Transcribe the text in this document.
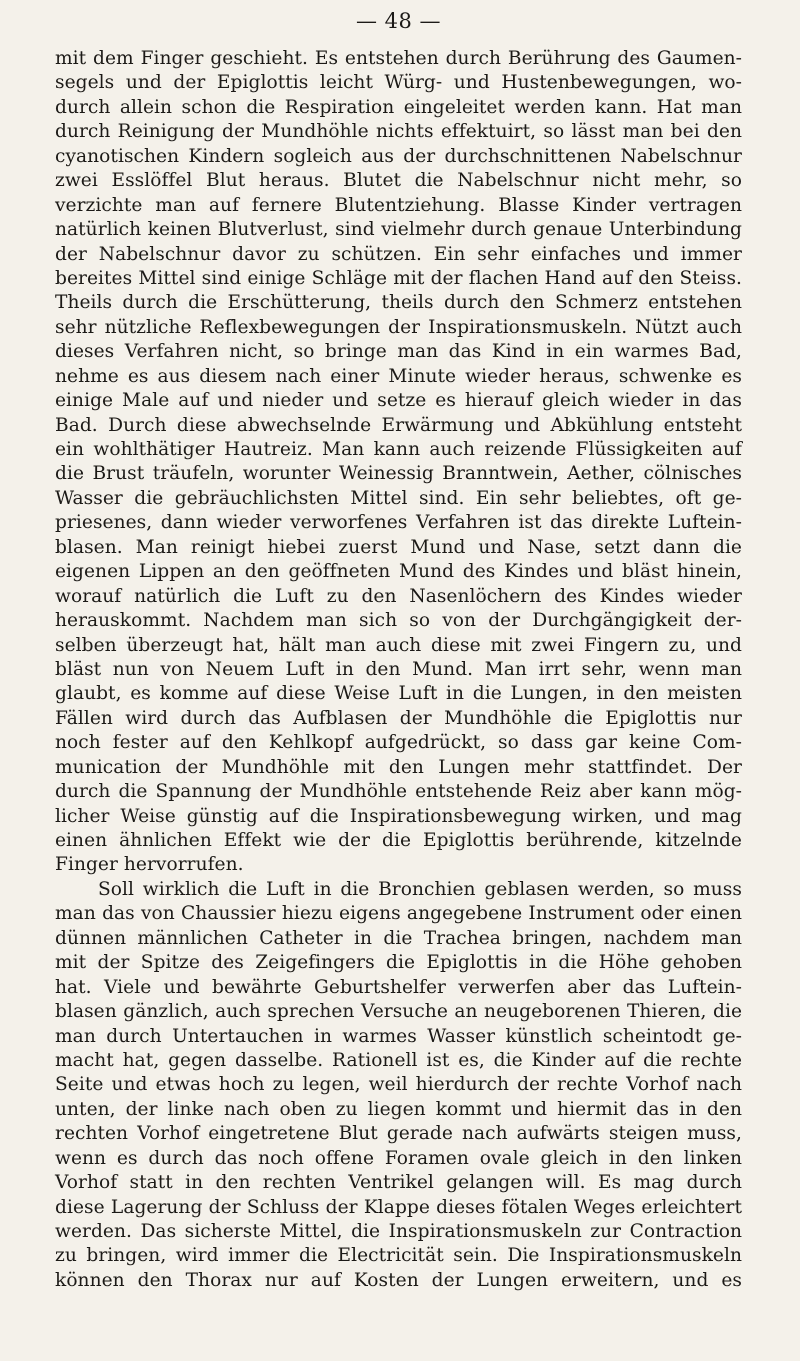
— 48 —
mit dem Finger geschieht. Es entstehen durch Berührung des Gaumen-
segels und der Epiglottis leicht Würg- und Hustenbewegungen, wo-
durch allein schon die Respiration eingeleitet werden kann. Hat man
durch Reinigung der Mundhöhle nichts effektuirt, so lässt man bei den
cyanotischen Kindern sogleich aus der durchschnittenen Nabelschnur
zwei Esslöffel Blut heraus. Blutet die Nabelschnur nicht mehr, so
verzichte man auf fernere Blutentziehung. Blasse Kinder vertragen
natürlich keinen Blutverlust, sind vielmehr durch genaue Unterbindung
der Nabelschnur davor zu schützen. Ein sehr einfaches und immer
bereites Mittel sind einige Schläge mit der flachen Hand auf den Steiss.
Theils durch die Erschütterung, theils durch den Schmerz entstehen
sehr nützliche Reflexbewegungen der Inspirationsmuskeln. Nützt auch
dieses Verfahren nicht, so bringe man das Kind in ein warmes Bad,
nehme es aus diesem nach einer Minute wieder heraus, schwenke es
einige Male auf und nieder und setze es hierauf gleich wieder in das
Bad. Durch diese abwechselnde Erwärmung und Abkühlung entsteht
ein wohlthätiger Hautreiz. Man kann auch reizende Flüssigkeiten auf
die Brust träufeln, worunter Weinessig Branntwein, Aether, cölnisches
Wasser die gebräuchlichsten Mittel sind. Ein sehr beliebtes, oft ge-
priesenes, dann wieder verworfenes Verfahren ist das direkte Luftein-
blasen. Man reinigt hiebei zuerst Mund und Nase, setzt dann die
eigenen Lippen an den geöffneten Mund des Kindes und bläst hinein,
worauf natürlich die Luft zu den Nasenlöchern des Kindes wieder
herauskommt. Nachdem man sich so von der Durchgängigkeit der-
selben überzeugt hat, hält man auch diese mit zwei Fingern zu, und
bläst nun von Neuem Luft in den Mund. Man irrt sehr, wenn man
glaubt, es komme auf diese Weise Luft in die Lungen, in den meisten
Fällen wird durch das Aufblasen der Mundhöhle die Epiglottis nur
noch fester auf den Kehlkopf aufgedrückt, so dass gar keine Com-
munication der Mundhöhle mit den Lungen mehr stattfindet. Der
durch die Spannung der Mundhöhle entstehende Reiz aber kann mög-
licher Weise günstig auf die Inspirationsbewegung wirken, und mag
einen ähnlichen Effekt wie der die Epiglottis berührende, kitzelnde
Finger hervorrufen.
Soll wirklich die Luft in die Bronchien geblasen werden, so muss
man das von Chaussier hiezu eigens angegebene Instrument oder einen
dünnen männlichen Catheter in die Trachea bringen, nachdem man
mit der Spitze des Zeigefingers die Epiglottis in die Höhe gehoben
hat. Viele und bewährte Geburtshelfer verwerfen aber das Luftein-
blasen gänzlich, auch sprechen Versuche an neugeborenen Thieren, die
man durch Untertauchen in warmes Wasser künstlich scheintodt ge-
macht hat, gegen dasselbe. Rationell ist es, die Kinder auf die rechte
Seite und etwas hoch zu legen, weil hierdurch der rechte Vorhof nach
unten, der linke nach oben zu liegen kommt und hiermit das in den
rechten Vorhof eingetretene Blut gerade nach aufwärts steigen muss,
wenn es durch das noch offene Foramen ovale gleich in den linken
Vorhof statt in den rechten Ventrikel gelangen will. Es mag durch
diese Lagerung der Schluss der Klappe dieses fötalen Weges erleichtert
werden. Das sicherste Mittel, die Inspirationsmuskeln zur Contraction
zu bringen, wird immer die Electricität sein. Die Inspirationsmuskeln
können den Thorax nur auf Kosten der Lungen erweitern, und es
